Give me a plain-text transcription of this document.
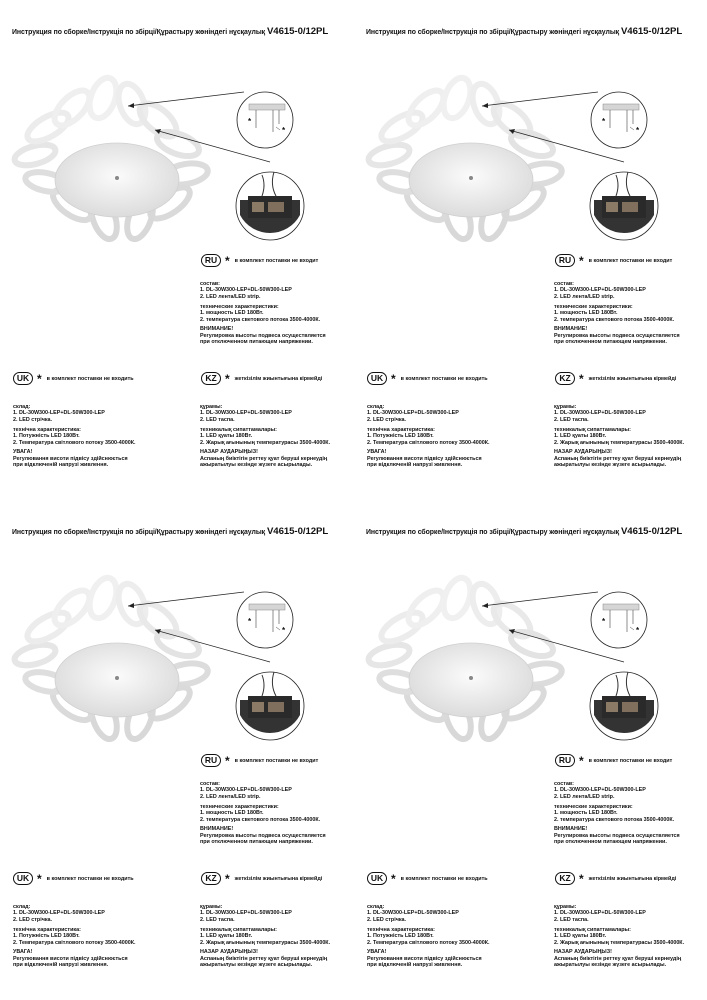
Инструкция по сборке/Інструкція по збірці/Құрастыру жөніндегі нұсқаулық V4615-0/12PL
*
*
RU * в комплект поставки не входит
состав:
1. DL-30W300-LEP+DL-50W300-LEP
2. LED лента/LED strip.
технические характеристики:
1. мощность LED 180Вт.
2. температура светового потока 3500-4000К.
ВНИМАНИЕ!
Регулировка высоты подвеса осуществляется
при отключенном питающем напряжении.
UK * в комплект поставки не входить
склад:
1. DL-30W300-LEP+DL-50W300-LEP
2. LED стрічка.
технічна характеристика:
1. Потужність LED 180Вт.
2. Температура світлового потоку 3500-4000К.
УВАГА!
Регулювання висоти підвісу здійснюється
при відключеній напрузі живлення.
KZ * жеткізілім жиынтығына кірмейді
құрамы:
1. DL-30W300-LEP+DL-50W300-LEP
2. LED таспа.
техникалық сипаттамалары:
1. LED қуаты 180Вт.
2. Жарық ағынының температурасы 3500-4000К.
НАЗАР АУДАРЫҢЫЗ!
Аспаның биіктігін реттеу қуат беруші кернеудің
ажыратылуы кезінде жүзеге асырылады.
Инструкция по сборке/Інструкція по збірці/Құрастыру жөніндегі нұсқаулық V4615-0/12PL
*
*
RU * в комплект поставки не входит
состав:
1. DL-30W300-LEP+DL-50W300-LEP
2. LED лента/LED strip.
технические характеристики:
1. мощность LED 180Вт.
2. температура светового потока 3500-4000К.
ВНИМАНИЕ!
Регулировка высоты подвеса осуществляется
при отключенном питающем напряжении.
UK * в комплект поставки не входить
склад:
1. DL-30W300-LEP+DL-50W300-LEP
2. LED стрічка.
технічна характеристика:
1. Потужність LED 180Вт.
2. Температура світлового потоку 3500-4000К.
УВАГА!
Регулювання висоти підвісу здійснюється
при відключеній напрузі живлення.
KZ * жеткізілім жиынтығына кірмейді
құрамы:
1. DL-30W300-LEP+DL-50W300-LEP
2. LED таспа.
техникалық сипаттамалары:
1. LED қуаты 180Вт.
2. Жарық ағынының температурасы 3500-4000К.
НАЗАР АУДАРЫҢЫЗ!
Аспаның биіктігін реттеу қуат беруші кернеудің
ажыратылуы кезінде жүзеге асырылады.
Инструкция по сборке/Інструкція по збірці/Құрастыру жөніндегі нұсқаулық V4615-0/12PL
*
*
RU * в комплект поставки не входит
состав:
1. DL-30W300-LEP+DL-50W300-LEP
2. LED лента/LED strip.
технические характеристики:
1. мощность LED 180Вт.
2. температура светового потока 3500-4000К.
ВНИМАНИЕ!
Регулировка высоты подвеса осуществляется
при отключенном питающем напряжении.
UK * в комплект поставки не входить
склад:
1. DL-30W300-LEP+DL-50W300-LEP
2. LED стрічка.
технічна характеристика:
1. Потужність LED 180Вт.
2. Температура світлового потоку 3500-4000К.
УВАГА!
Регулювання висоти підвісу здійснюється
при відключеній напрузі живлення.
KZ * жеткізілім жиынтығына кірмейді
құрамы:
1. DL-30W300-LEP+DL-50W300-LEP
2. LED таспа.
техникалық сипаттамалары:
1. LED қуаты 180Вт.
2. Жарық ағынының температурасы 3500-4000К.
НАЗАР АУДАРЫҢЫЗ!
Аспаның биіктігін реттеу қуат беруші кернеудің
ажыратылуы кезінде жүзеге асырылады.
Инструкция по сборке/Інструкція по збірці/Құрастыру жөніндегі нұсқаулық V4615-0/12PL
*
*
RU * в комплект поставки не входит
состав:
1. DL-30W300-LEP+DL-50W300-LEP
2. LED лента/LED strip.
технические характеристики:
1. мощность LED 180Вт.
2. температура светового потока 3500-4000К.
ВНИМАНИЕ!
Регулировка высоты подвеса осуществляется
при отключенном питающем напряжении.
UK * в комплект поставки не входить
склад:
1. DL-30W300-LEP+DL-50W300-LEP
2. LED стрічка.
технічна характеристика:
1. Потужність LED 180Вт.
2. Температура світлового потоку 3500-4000К.
УВАГА!
Регулювання висоти підвісу здійснюється
при відключеній напрузі живлення.
KZ * жеткізілім жиынтығына кірмейді
құрамы:
1. DL-30W300-LEP+DL-50W300-LEP
2. LED таспа.
техникалық сипаттамалары:
1. LED қуаты 180Вт.
2. Жарық ағынының температурасы 3500-4000К.
НАЗАР АУДАРЫҢЫЗ!
Аспаның биіктігін реттеу қуат беруші кернеудің
ажыратылуы кезінде жүзеге асырылады.
